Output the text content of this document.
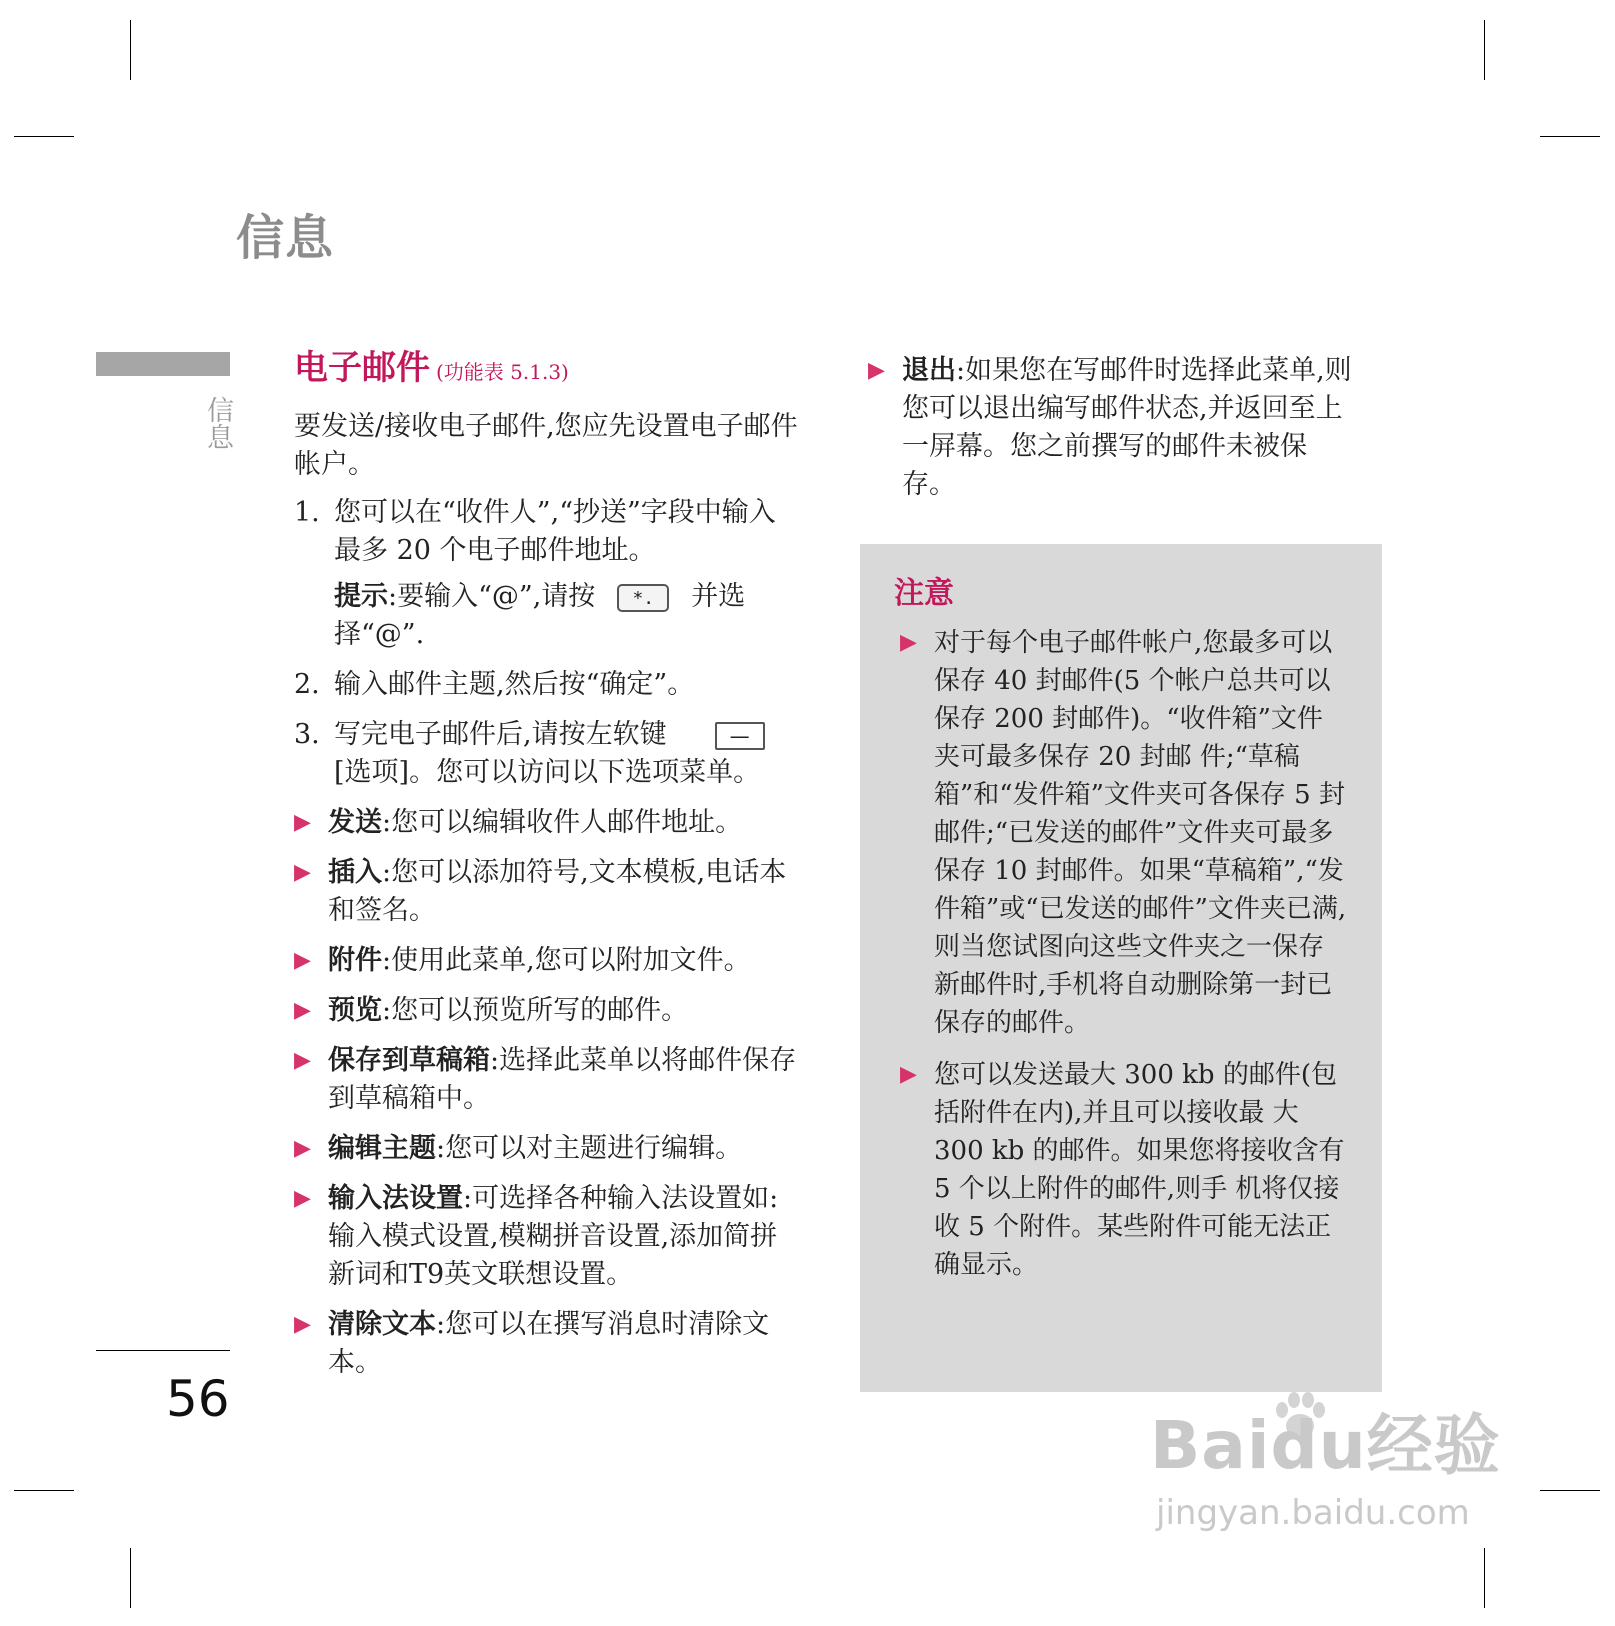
信息
信息
56
电子邮件 (功能表 5.1.3)

要发送/接收电子邮件,您应先设置电子邮件帐户。

1. 您可以在“收件人”,“抄送”字段中输入最多 20 个电子邮件地址。

提示:要输入“@”,请按	*.	并选择“@”.

2. 输入邮件主题,然后按“确定”。
3. 写完电子邮件后,请按左软键	—

[选项]。您可以访问以下选项菜单。
▶ 发送:您可以编辑收件人邮件地址。
▶ 插入:您可以添加符号,文本模板,电话本和签名。
▶ 附件:使用此菜单,您可以附加文件。
▶ 预览:您可以预览所写的邮件。
▶ 保存到草稿箱:选择此菜单以将邮件保存到草稿箱中。
▶ 编辑主题:您可以对主题进行编辑。
▶ 输入法设置:可选择各种输入法设置如:输入模式设置,模糊拼音设置,添加简拼新词和T9英文联想设置。
▶ 清除文本:您可以在撰写消息时清除文本。
▶ 退出:如果您在写邮件时选择此菜单,则您可以退出编写邮件状态,并返回至上一屏幕。您之前撰写的邮件未被保存。
注意
▶ 对于每个电子邮件帐户,您最多可以保存 40 封邮件(5 个帐户总共可以保存 200 封邮件)。“收件箱”文件夹可最多保存 20 封邮 件;“草稿箱”和“发件箱”文件夹可各保存 5 封邮件;“已发送的邮件”文件夹可最多保存 10 封邮件。如果“草稿箱”,“发件箱”或“已发送的邮件”文件夹已满,则当您试图向这些文件夹之一保存新邮件时,手机将自动删除第一封已保存的邮件。
▶ 您可以发送最大 300 kb 的邮件(包括附件在内),并且可以接收最 大 300 kb 的邮件。如果您将接收含有 5 个以上附件的邮件,则手 机将仅接收 5 个附件。某些附件可能无法正确显示。
Baidu经验
jingyan.baidu.com
